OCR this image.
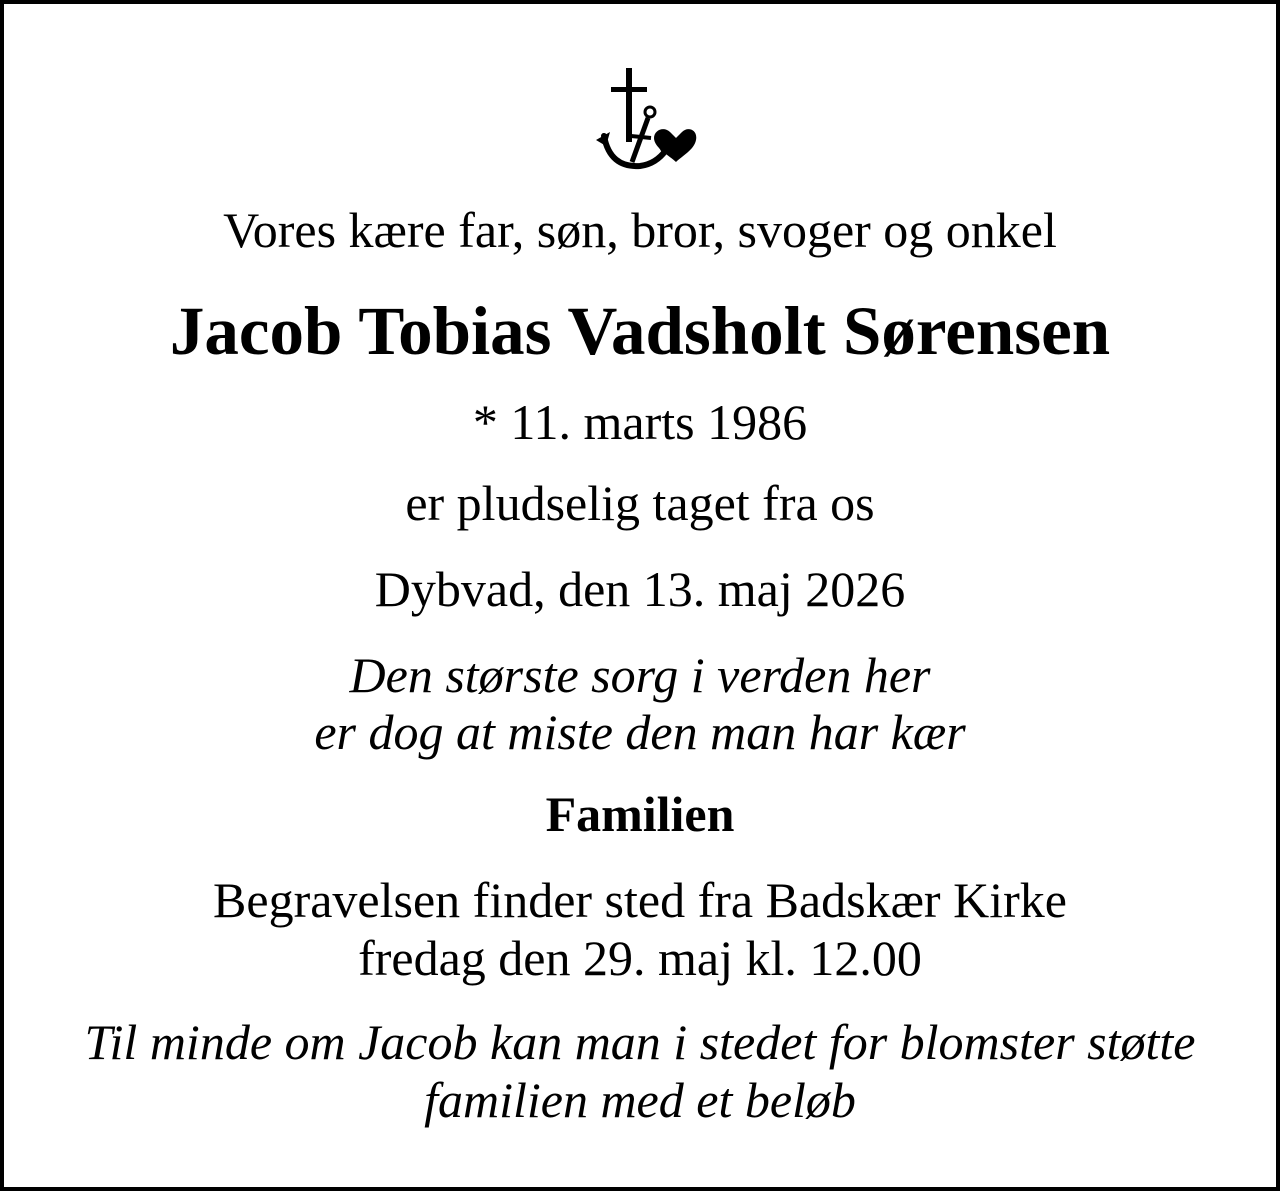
Vores kære far, søn, bror, svoger og onkel

Jacob Tobias Vadsholt Sørensen

* 11. marts 1986

er pludselig taget fra os

Dybvad, den 13. maj 2026

Den største sorg i verden her

er dog at miste den man har kær

Familien

Begravelsen finder sted fra Badskær Kirke

fredag den 29. maj kl. 12.00

Til minde om Jacob kan man i stedet for blomster støtte

familien med et beløb
